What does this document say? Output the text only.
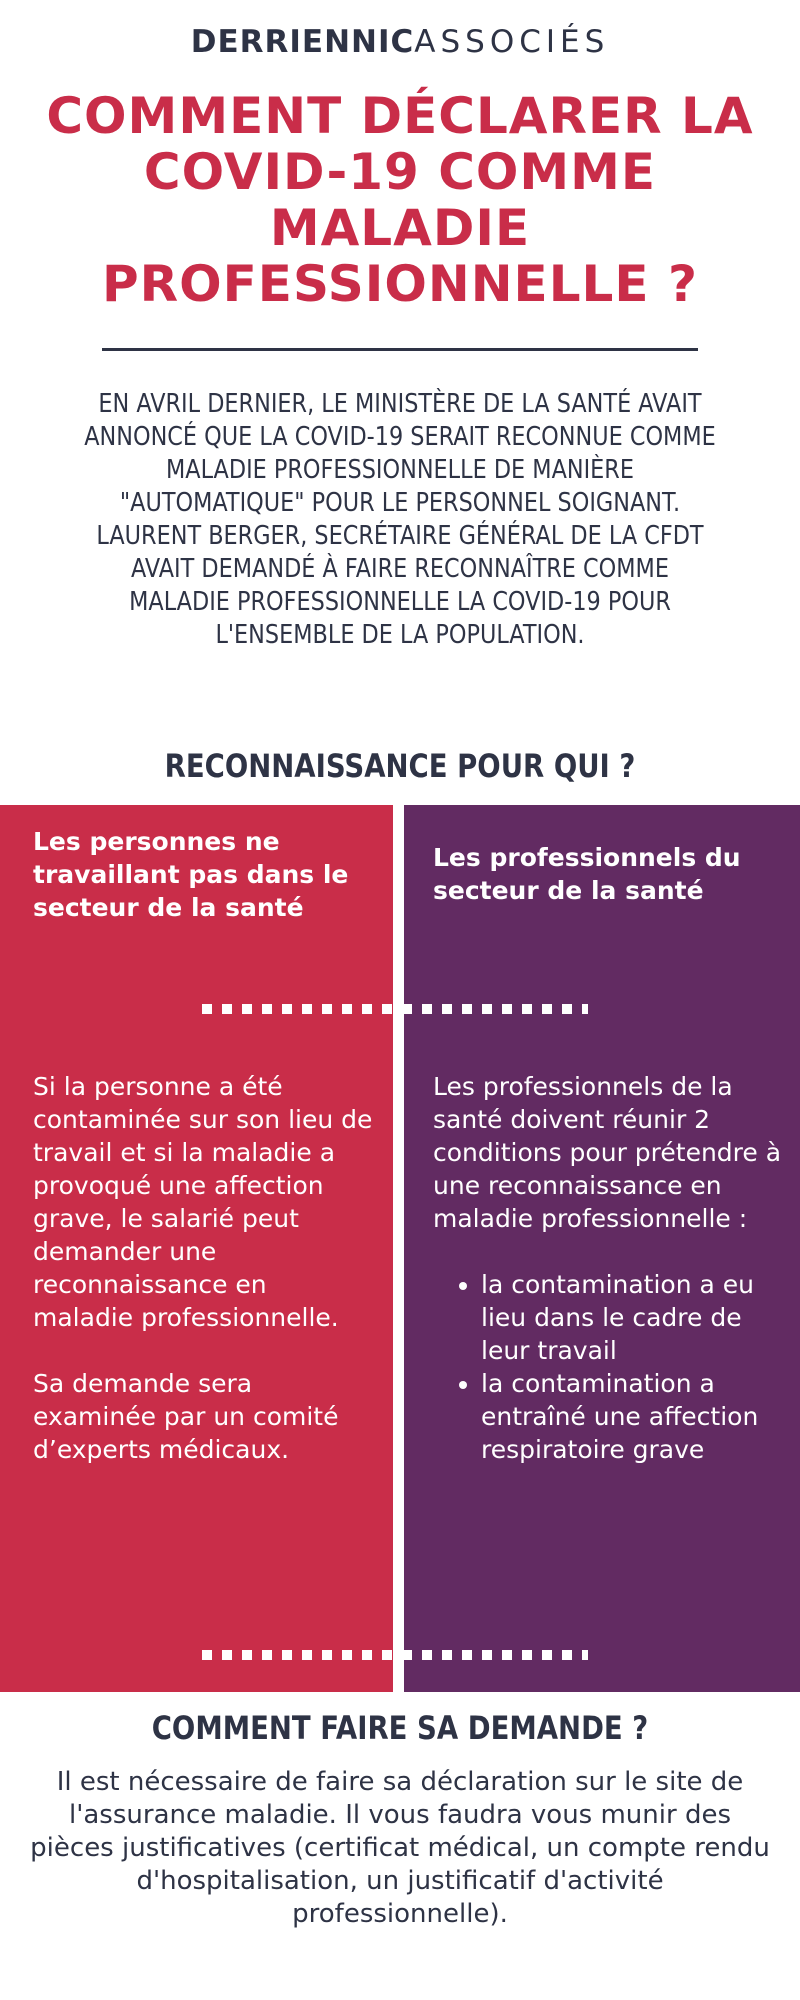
DERRIENNICASSOCIÉS
COMMENT DÉCLARER LA COVID-19 COMME MALADIE PROFESSIONNELLE ?

EN AVRIL DERNIER, LE MINISTÈRE DE LA SANTÉ AVAIT ANNONCÉ QUE LA COVID-19 SERAIT RECONNUE COMME MALADIE PROFESSIONNELLE DE MANIÈRE "AUTOMATIQUE" POUR LE PERSONNEL SOIGNANT. LAURENT BERGER, SECRÉTAIRE GÉNÉRAL DE LA CFDT AVAIT DEMANDÉ À FAIRE RECONNAÎTRE COMME MALADIE PROFESSIONNELLE LA COVID-19 POUR L'ENSEMBLE DE LA POPULATION.

RECONNAISSANCE POUR QUI ?
Les personnes ne travaillant pas dans le secteur de la santé

Si la personne a été contaminée sur son lieu de travail et si la maladie a provoqué une affection grave, le salarié peut demander une reconnaissance en maladie professionnelle.

Sa demande sera examinée par un comité d’experts médicaux.

Les professionnels du secteur de la santé

Les professionnels de la santé doivent réunir 2 conditions pour prétendre à une reconnaissance en maladie professionnelle :

• la contamination a eu lieu dans le cadre de leur travail
• la contamination a entraîné une affection respiratoire grave
COMMENT FAIRE SA DEMANDE ?

Il est nécessaire de faire sa déclaration sur le site de l'assurance maladie. Il vous faudra vous munir des pièces justificatives (certificat médical, un compte rendu d'hospitalisation, un justificatif d'activité professionnelle).
